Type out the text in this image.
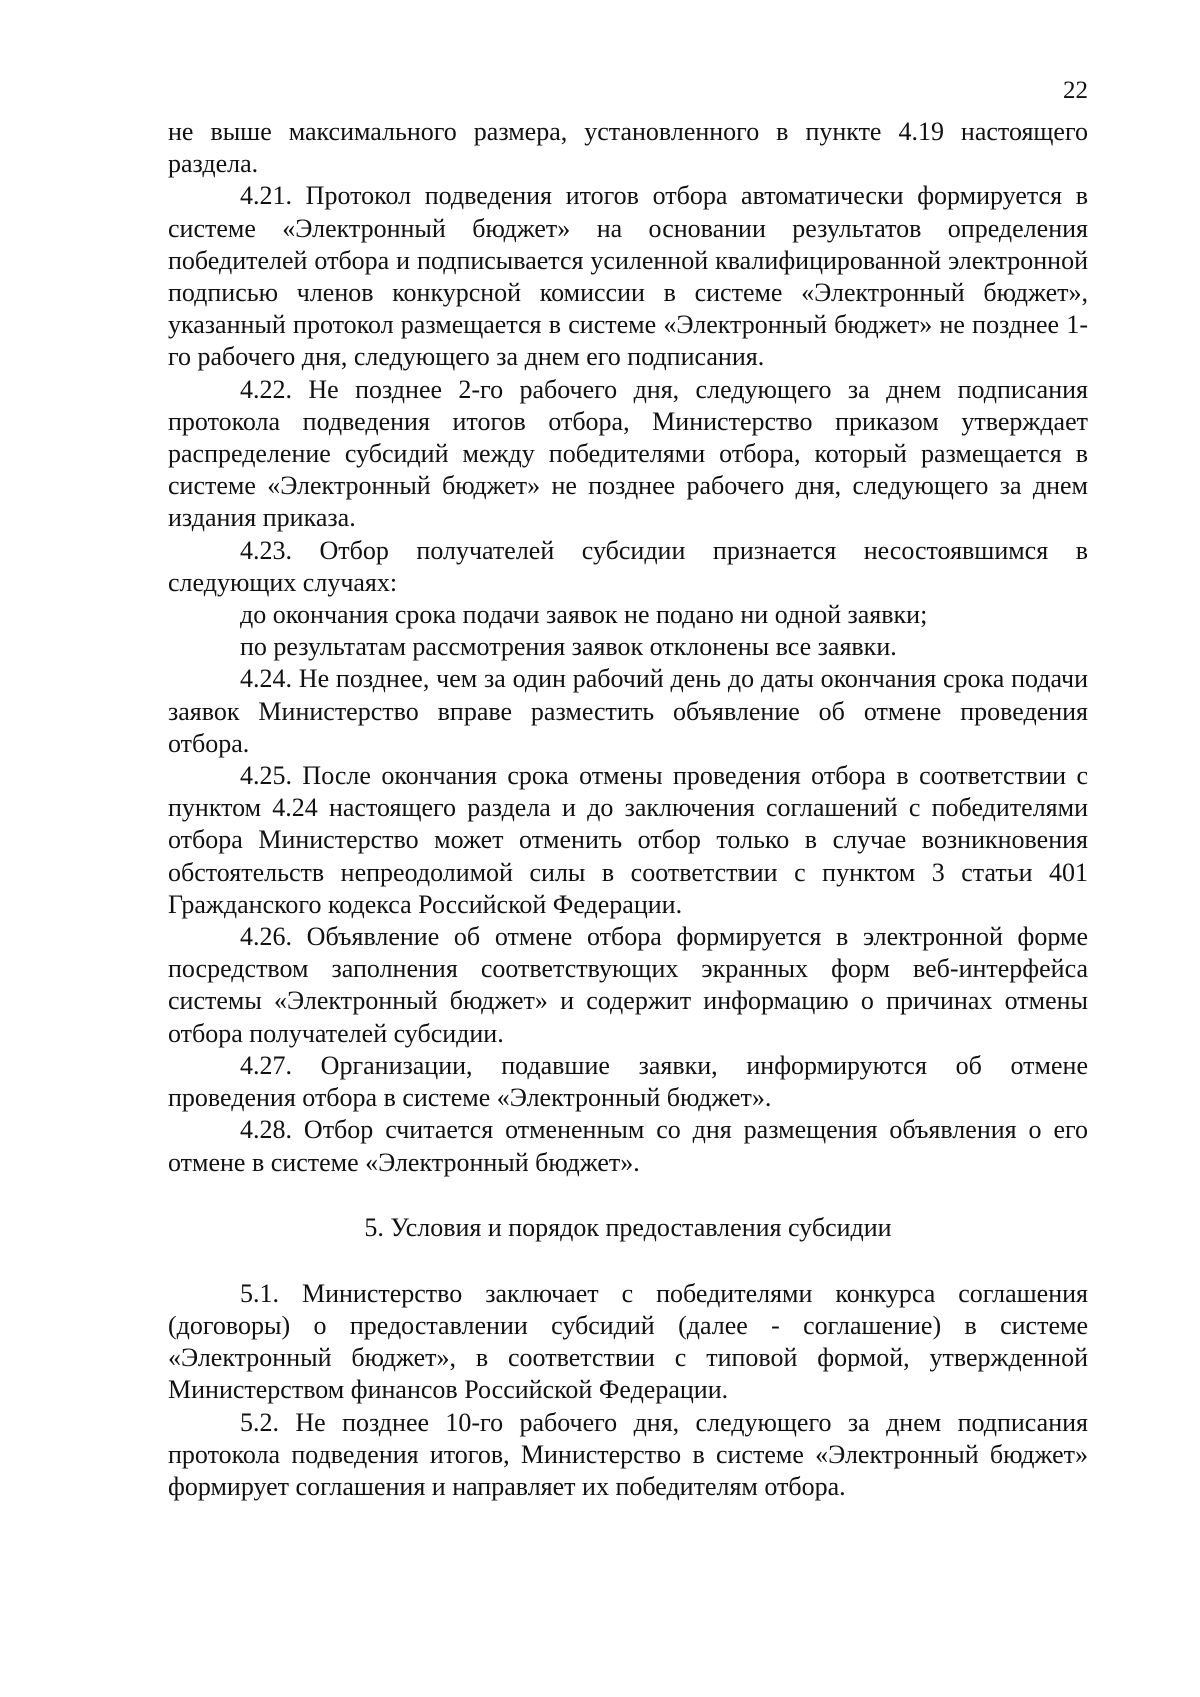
22

не выше максимального размера, установленного в пункте 4.19 настоящего раздела.

4.21. Протокол подведения итогов отбора автоматически формируется в системе «Электронный бюджет» на основании результатов определения победителей отбора и подписывается усиленной квалифицированной электронной подписью членов конкурсной комиссии в системе «Электронный бюджет», указанный протокол размещается в системе «Электронный бюджет» не позднее 1-го рабочего дня, следующего за днем его подписания.

4.22. Не позднее 2-го рабочего дня, следующего за днем подписания протокола подведения итогов отбора, Министерство приказом утверждает распределение субсидий между победителями отбора, который размещается в системе «Электронный бюджет» не позднее рабочего дня, следующего за днем издания приказа.

4.23. Отбор получателей субсидии признается несостоявшимся в следующих случаях:

до окончания срока подачи заявок не подано ни одной заявки;

по результатам рассмотрения заявок отклонены все заявки.

4.24. Не позднее, чем за один рабочий день до даты окончания срока подачи заявок Министерство вправе разместить объявление об отмене проведения отбора.

4.25. После окончания срока отмены проведения отбора в соответствии с пунктом 4.24 настоящего раздела и до заключения соглашений с победителями отбора Министерство может отменить отбор только в случае возникновения обстоятельств непреодолимой силы в соответствии с пунктом 3 статьи 401 Гражданского кодекса Российской Федерации.

4.26. Объявление об отмене отбора формируется в электронной форме посредством заполнения соответствующих экранных форм веб-интерфейса системы «Электронный бюджет» и содержит информацию о причинах отмены отбора получателей субсидии.

4.27. Организации, подавшие заявки, информируются об отмене проведения отбора в системе «Электронный бюджет».

4.28. Отбор считается отмененным со дня размещения объявления о его отмене в системе «Электронный бюджет».

5. Условия и порядок предоставления субсидии

5.1. Министерство заключает с победителями конкурса соглашения (договоры) о предоставлении субсидий (далее - соглашение) в системе «Электронный бюджет», в соответствии с типовой формой, утвержденной Министерством финансов Российской Федерации.

5.2. Не позднее 10-го рабочего дня, следующего за днем подписания протокола подведения итогов, Министерство в системе «Электронный бюджет» формирует соглашения и направляет их победителям отбора.
